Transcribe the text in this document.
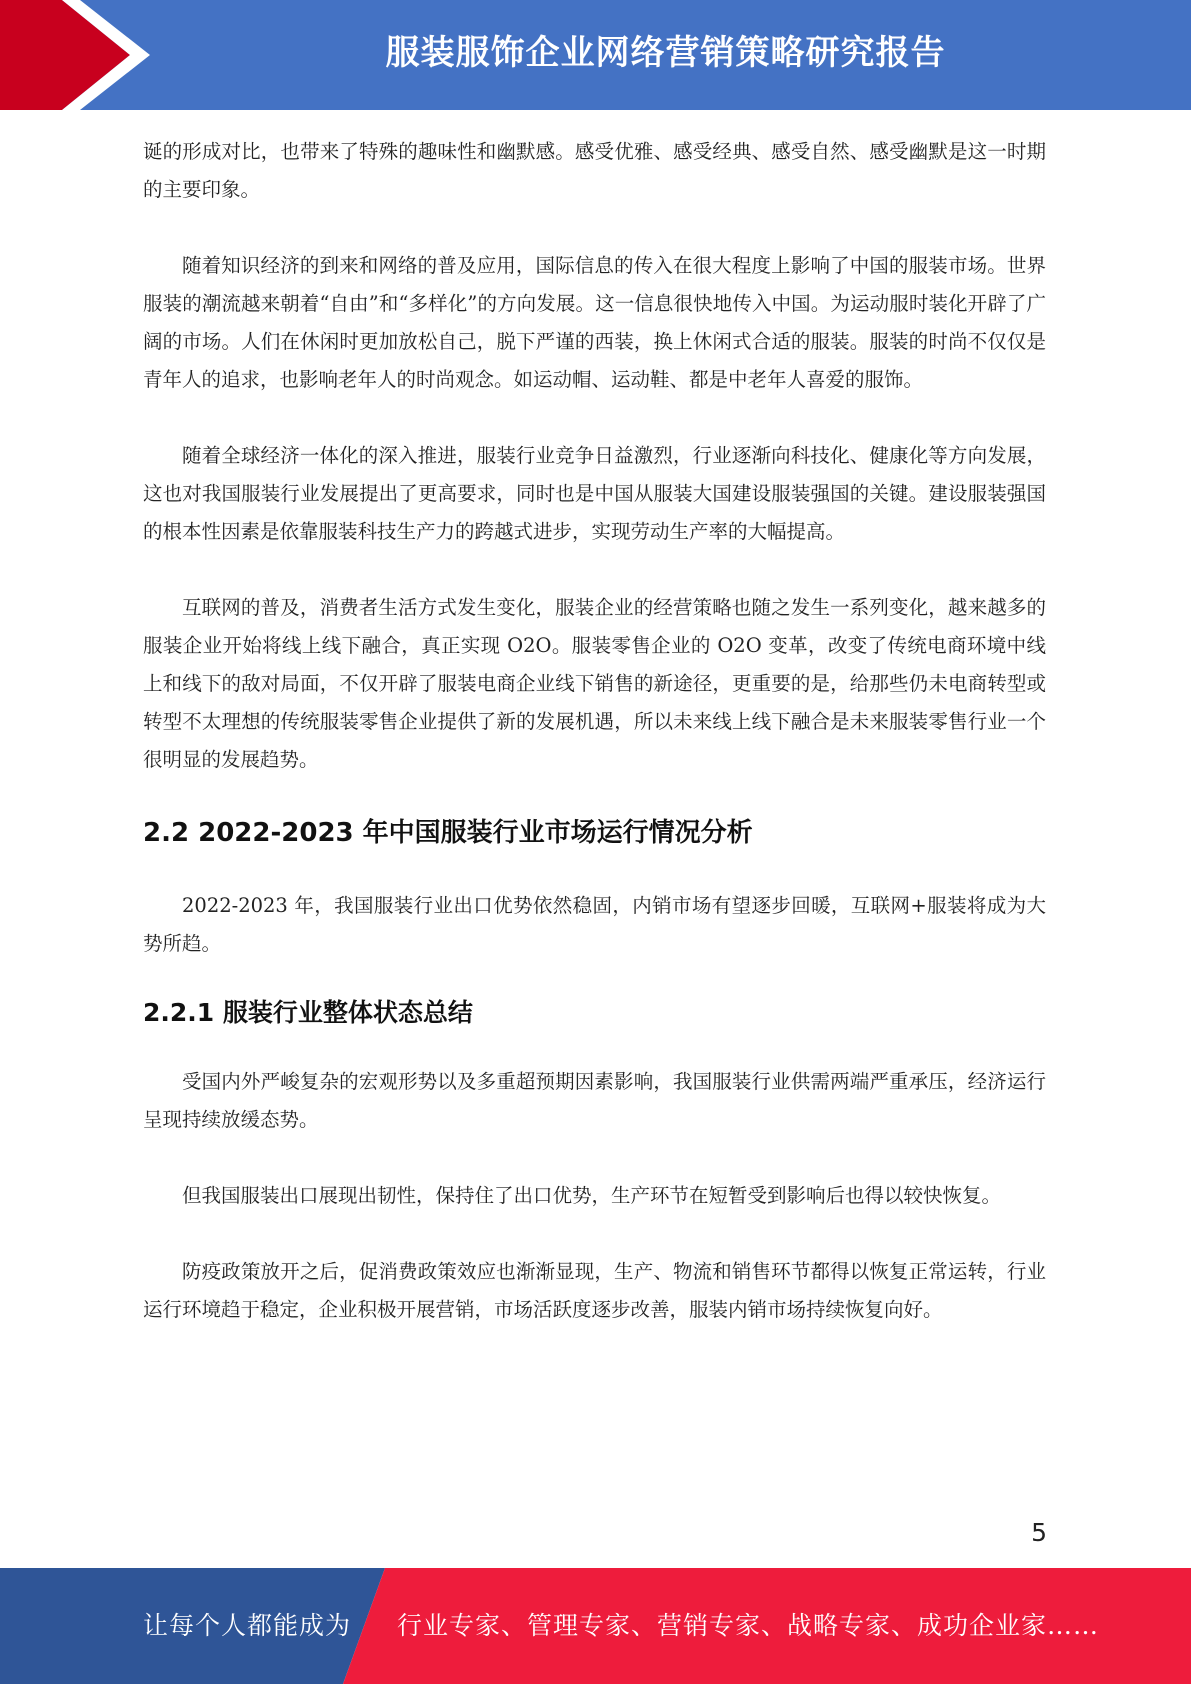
服装服饰企业网络营销策略研究报告

诞的形成对比，也带来了特殊的趣味性和幽默感。感受优雅、感受经典、感受自然、感受幽默是这一时期的主要印象。

随着知识经济的到来和网络的普及应用，国际信息的传入在很大程度上影响了中国的服装市场。世界服装的潮流越来朝着“自由”和“多样化”的方向发展。这一信息很快地传入中国。为运动服时装化开辟了广阔的市场。人们在休闲时更加放松自己，脱下严谨的西装，换上休闲式合适的服装。服装的时尚不仅仅是青年人的追求，也影响老年人的时尚观念。如运动帽、运动鞋、都是中老年人喜爱的服饰。

随着全球经济一体化的深入推进，服装行业竞争日益激烈，行业逐渐向科技化、健康化等方向发展，这也对我国服装行业发展提出了更高要求，同时也是中国从服装大国建设服装强国的关键。建设服装强国的根本性因素是依靠服装科技生产力的跨越式进步，实现劳动生产率的大幅提高。

互联网的普及，消费者生活方式发生变化，服装企业的经营策略也随之发生一系列变化，越来越多的服装企业开始将线上线下融合，真正实现 O2O。服装零售企业的 O2O 变革，改变了传统电商环境中线上和线下的敌对局面，不仅开辟了服装电商企业线下销售的新途径，更重要的是，给那些仍未电商转型或转型不太理想的传统服装零售企业提供了新的发展机遇，所以未来线上线下融合是未来服装零售行业一个很明显的发展趋势。

2.2 2022-2023 年中国服装行业市场运行情况分析

2022-2023 年，我国服装行业出口优势依然稳固，内销市场有望逐步回暖，互联网+服装将成为大势所趋。

2.2.1 服装行业整体状态总结

受国内外严峻复杂的宏观形势以及多重超预期因素影响，我国服装行业供需两端严重承压，经济运行呈现持续放缓态势。

但我国服装出口展现出韧性，保持住了出口优势，生产环节在短暂受到影响后也得以较快恢复。

防疫政策放开之后，促消费政策效应也渐渐显现，生产、物流和销售环节都得以恢复正常运转，行业运行环境趋于稳定，企业积极开展营销，市场活跃度逐步改善，服装内销市场持续恢复向好。

5
让每个人都能成为 行业专家、管理专家、营销专家、战略专家、成功企业家……
